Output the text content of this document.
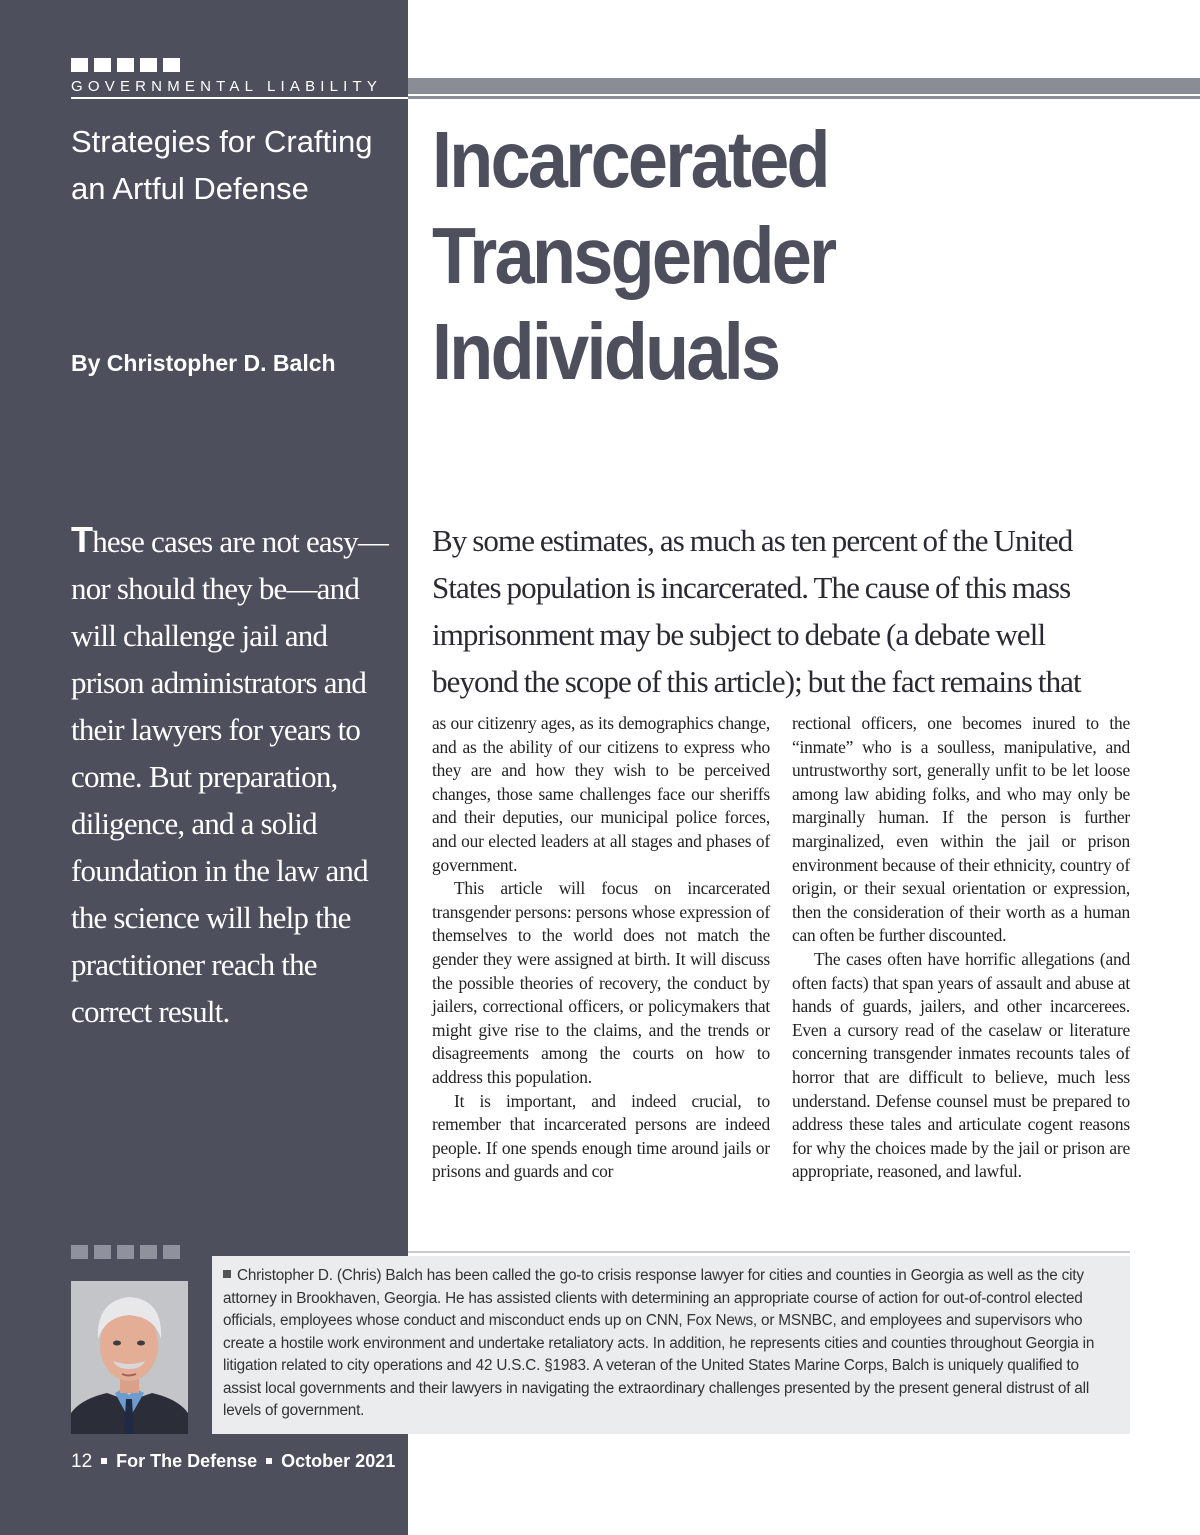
GOVERNMENTAL LIABILITY
Strategies for Crafting an Artful Defense
By Christopher D. Balch
Incarcerated Transgender Individuals
These cases are not easy—nor should they be—and will challenge jail and prison administrators and their lawyers for years to come. But preparation, diligence, and a solid foundation in the law and the science will help the practitioner reach the correct result.
By some estimates, as much as ten percent of the United States population is incarcerated. The cause of this mass imprisonment may be subject to debate (a debate well beyond the scope of this article); but the fact remains that

as our citizenry ages, as its demographics change, and as the ability of our citizens to express who they are and how they wish to be perceived changes, those same challenges face our sheriffs and their deputies, our municipal police forces, and our elected leaders at all stages and phases of government.

This article will focus on incarcerated transgender persons: persons whose expression of themselves to the world does not match the gender they were assigned at birth. It will discuss the possible theories of recovery, the conduct by jailers, correctional officers, or policymakers that might give rise to the claims, and the trends or disagreements among the courts on how to address this population.

It is important, and indeed crucial, to remember that incarcerated persons are indeed people. If one spends enough time around jails or prisons and guards and cor

rectional officers, one becomes inured to the “inmate” who is a soulless, manipulative, and untrustworthy sort, generally unfit to be let loose among law abiding folks, and who may only be marginally human. If the person is further marginalized, even within the jail or prison environment because of their ethnicity, country of origin, or their sexual orientation or expression, then the consideration of their worth as a human can often be further discounted.

The cases often have horrific allegations (and often facts) that span years of assault and abuse at hands of guards, jailers, and other incarcerees. Even a cursory read of the caselaw or literature concerning transgender inmates recounts tales of horror that are difficult to believe, much less understand. Defense counsel must be prepared to address these tales and articulate cogent reasons for why the choices made by the jail or prison are appropriate, reasoned, and lawful.

Christopher D. (Chris) Balch has been called the go-to crisis response lawyer for cities and counties in Georgia as well as the city attorney in Brookhaven, Georgia. He has assisted clients with determining an appropriate course of action for out-of-control elected officials, employees whose conduct and misconduct ends up on CNN, Fox News, or MSNBC, and employees and supervisors who create a hostile work environment and undertake retaliatory acts. In addition, he represents cities and counties throughout Georgia in litigation related to city operations and 42 U.S.C. §1983. A veteran of the United States Marine Corps, Balch is uniquely qualified to assist local governments and their lawyers in navigating the extraordinary challenges presented by the present general distrust of all levels of government.
12 For The Defense October 2021
